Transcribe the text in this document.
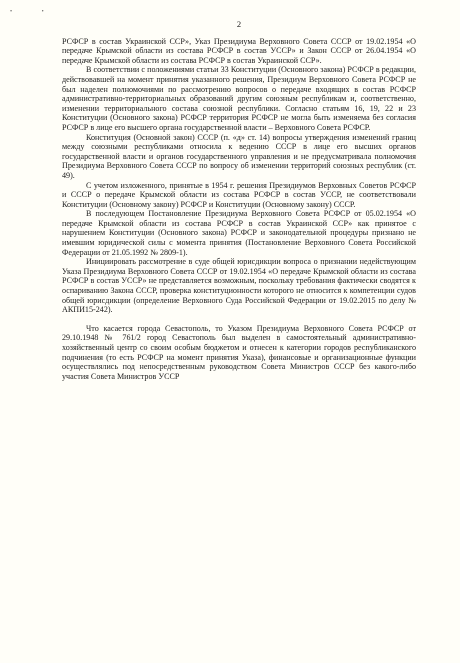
• •
2

РСФСР в состав Украинской ССР», Указ Президиума Верховного Совета СССР от 19.02.1954 «О передаче Крымской области из состава РСФСР в состав УССР» и Закон СССР от 26.04.1954 «О передаче Крымской области из состава РСФСР в состав Украинской ССР».

В соответствии с положениями статьи 33 Конституции (Основного закона) РСФСР в редакции, действовавшей на момент принятия указанного решения, Президиум Верховного Совета РСФСР не был наделен полномочиями по рассмотрению вопросов о передаче входящих в состав РСФСР административно-территориальных образований другим союзным республикам и, соответственно, изменении территориального состава союзной республики. Согласно статьям 16, 19, 22 и 23 Конституции (Основного закона) РСФСР территория РСФСР не могла быть изменяема без согласия РСФСР в лице его высшего органа государственной власти – Верховного Совета РСФСР.

Конституция (Основной закон) СССР (п. «д» ст. 14) вопросы утверждения изменений границ между союзными республиками относила к ведению СССР в лице его высших органов государственной власти и органов государственного управления и не предусматривала полномочия Президиума Верховного Совета СССР по вопросу об изменении территорий союзных республик (ст. 49).

С учетом изложенного, принятые в 1954 г. решения Президиумов Верховных Советов РСФСР и СССР о передаче Крымской области из состава РСФСР в состав УССР, не соответствовали Конституции (Основному закону) РСФСР и Конституции (Основному закону) СССР.

В последующем Постановление Президиума Верховного Совета РСФСР от 05.02.1954 «О передаче Крымской области из состава РСФСР в состав Украинской ССР» как принятое с нарушением Конституции (Основного закона) РСФСР и законодательной процедуры признано не имевшим юридической силы с момента принятия (Постановление Верховного Совета Российской Федерации от 21.05.1992 № 2809-1).

Инициировать рассмотрение в суде общей юрисдикции вопроса о признании недействующим Указа Президиума Верховного Совета СССР от 19.02.1954 «О передаче Крымской области из состава РСФСР в состав УССР» не представляется возможным, поскольку требования фактически сводятся к оспариванию Закона СССР, проверка конституционности которого не относится к компетенции судов общей юрисдикции (определение Верховного Суда Российской Федерации от 19.02.2015 по делу № АКПИ15-242).

Что касается города Севастополь, то Указом Президиума Верховного Совета РСФСР от 29.10.1948 № 761/2 город Севастополь был выделен в самостоятельный административно-хозяйственный центр со своим особым бюджетом и отнесен к категории городов республиканского подчинения (то есть РСФСР на момент принятия Указа), финансовые и организационные функции осуществлялись под непосредственным руководством Совета Министров СССР без какого-либо участия Совета Министров УССР
